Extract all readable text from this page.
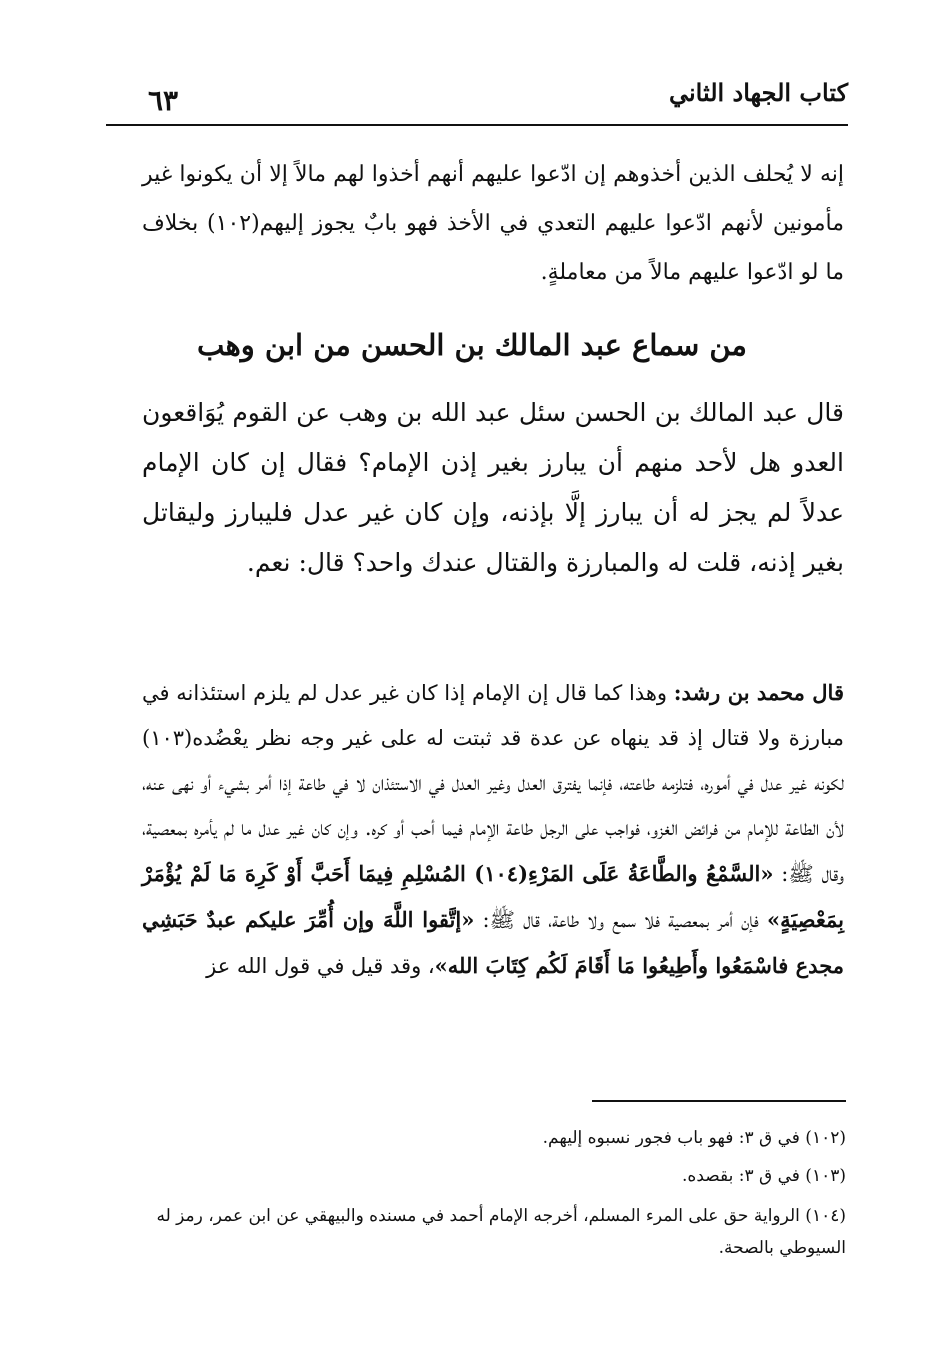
كتاب الجهاد الثاني
٦٣
إنه لا يُحلف الذين أخذوهم إن ادّعوا عليهم أنهم أخذوا لهم مالاً إلا أن يكونوا غير مأمونين لأنهم ادّعوا عليهم التعدي في الأخذ فهو بابٌ يجوز إليهم(١٠٢) بخلاف ما لو ادّعوا عليهم مالاً من معاملةٍ.
من سماع عبد المالك بن الحسن من ابن وهب
قال عبد المالك بن الحسن سئل عبد الله بن وهب عن القوم يُوَاقعون العدو هل لأحد منهم أن يبارز بغير إذن الإمام؟ فقال إن كان الإمام عدلاً لم يجز له أن يبارز إلَّا بإذنه، وإن كان غير عدل فليبارز وليقاتل بغير إذنه، قلت له والمبارزة والقتال عندك واحد؟ قال: نعم.
قال محمد بن رشد: وهذا كما قال إن الإمام إذا كان غير عدل لم يلزم استئذانه في مبارزة ولا قتال إذ قد ينهاه عن عدة قد ثبتت له على غير وجه نظر يعْضُده(١٠٣) لكونه غير عدل في أموره، فتلزمه طاعته، فإنما يفترق العدل وغير العدل في الاستئذان لا في طاعة إذا أمر بشيء أو نهى عنه، لأن الطاعة للإمام من فرائض الغزو، فواجب على الرجل طاعة الإمام فيما أحب أو كره. وإن كان غير عدل ما لم يأمره بمعصية، وقال ﷺ: «السَّمْعُ والطَّاعَةُ عَلَى المَرْءِ(١٠٤) المُسْلِمِ فِيمَا أَحَبَّ أَوْ كَرِهَ مَا لَمْ يُؤْمَرْ بِمَعْصِيَةٍ» فإن أمر بمعصية فلا سمع ولا طاعة، قال ﷺ: «إتَّقوا اللَّهَ وإن أُمِّرَ عليكم عبدٌ حَبَشِي مجدع فاسْمَعُوا وأَطِيعُوا مَا أَقَامَ لَكُم كِتَابَ الله»، وقد قيل في قول الله عز
(١٠٢) في ق ٣: فهو باب فجور نسبوه إليهم.
(١٠٣) في ق ٣: بقصده.
(١٠٤) الرواية حق على المرء المسلم، أخرجه الإمام أحمد في مسنده والبيهقي عن ابن عمر، رمز له السيوطي بالصحة.
